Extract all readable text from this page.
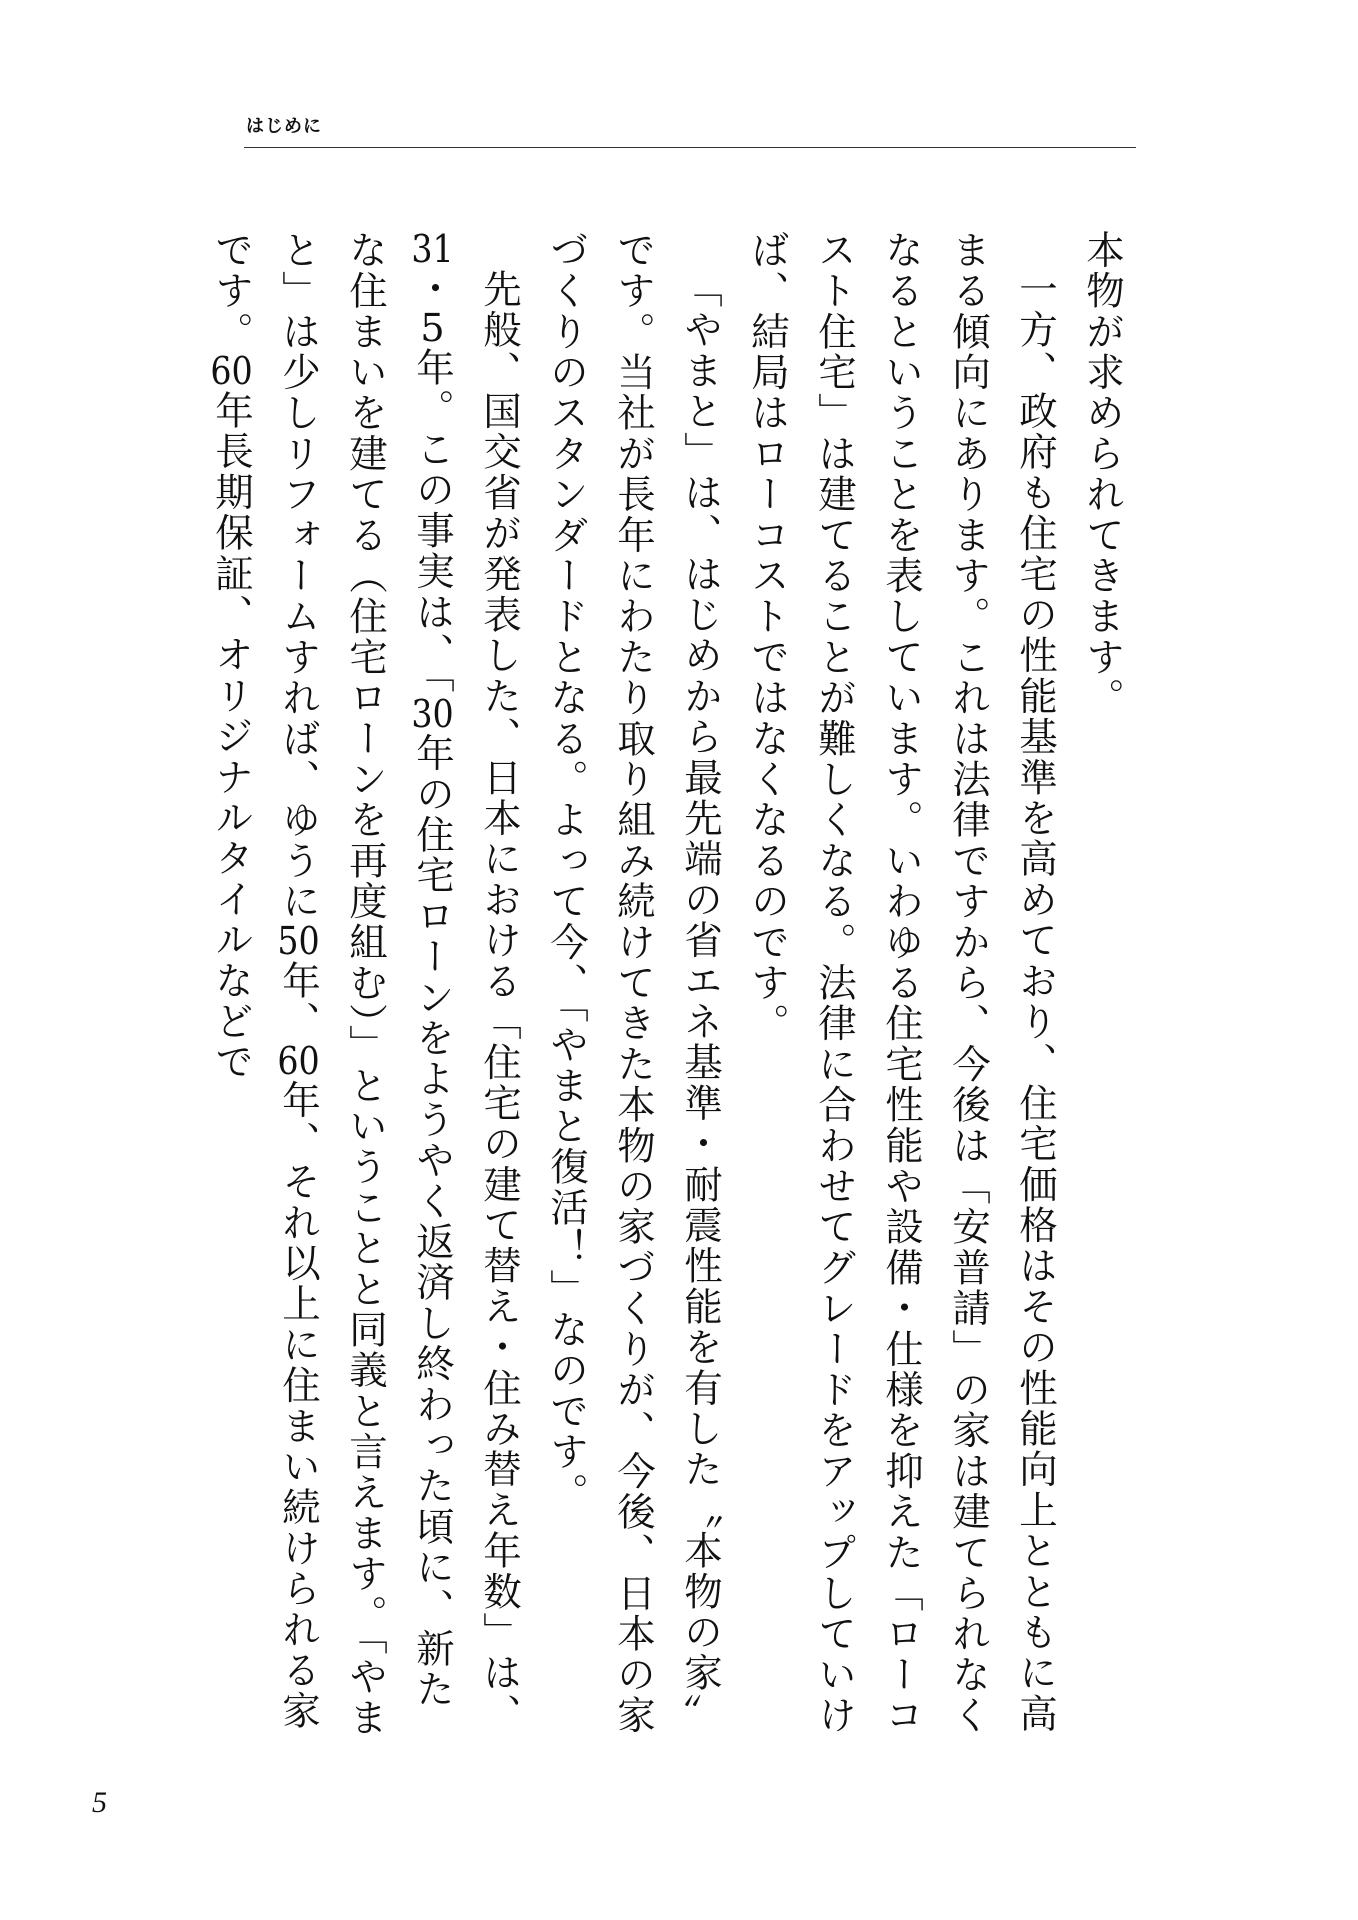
はじめに

本物が求められてきます。

一方、政府も住宅の性能基準を高めており、住宅価格はその性能向上とともに高まる傾向にあります。これは法律ですから、今後は「安普請」の家は建てられなくなるということを表しています。いわゆる住宅性能や設備・仕様を抑えた「ローコスト住宅」は建てることが難しくなる。法律に合わせてグレードをアップしていけば、結局はローコストではなくなるのです。

「やまと」は、はじめから最先端の省エネ基準・耐震性能を有した〝本物の家〟です。当社が長年にわたり取り組み続けてきた本物の家づくりが、今後、日本の家づくりのスタンダードとなる。よって今、「やまと復活！」なのです。

先般、国交省が発表した、日本における「住宅の建て替え・住み替え年数」は、31・5年。この事実は、「30年の住宅ローンをようやく返済し終わった頃に、新たな住まいを建てる（住宅ローンを再度組む）」ということと同義と言えます。「やまと」は少しリフォームすれば、ゆうに50年、60年、それ以上に住まい続けられる家です。60年長期保証、オリジナルタイルなどで

5
